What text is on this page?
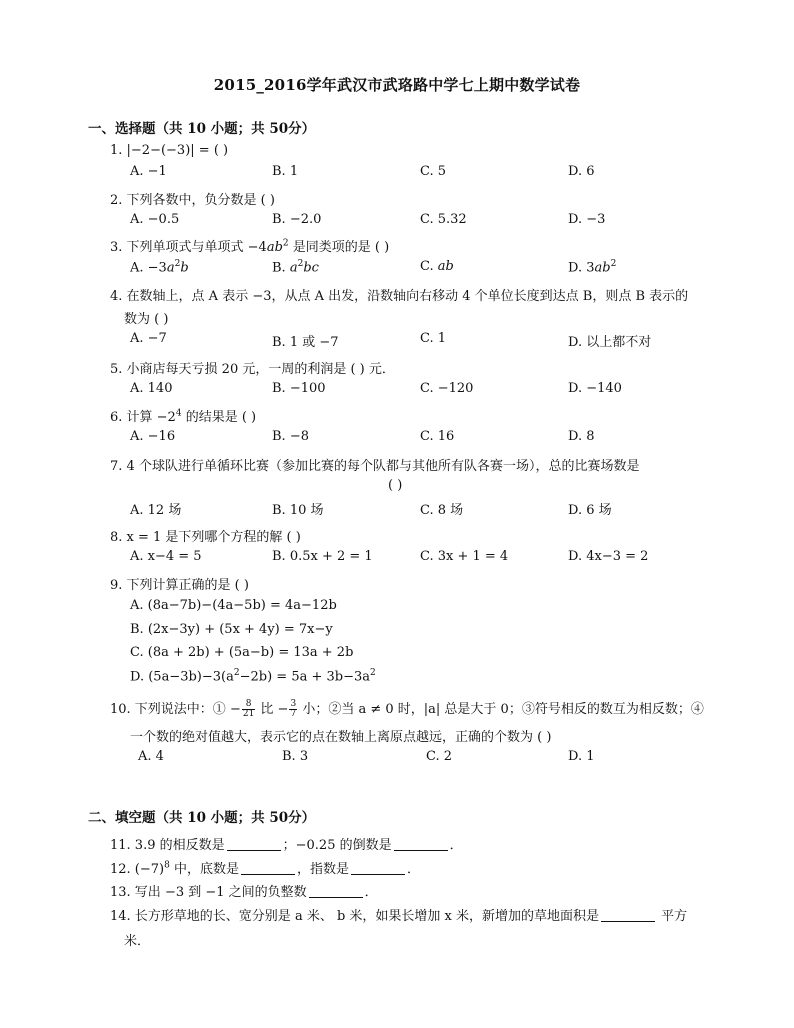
2015_2016学年武汉市武珞路中学七上期中数学试卷
一、选择题（共 10 小题；共 50分）
1. |−2−(−3)| = ( )
A. −1	B. 1	C. 5	D. 6
2. 下列各数中，负分数是 ( )
A. −0.5	B. −2.0	C. 5.32	D. −3
3. 下列单项式与单项式 $-4ab^2$ 是同类项的是 ( )
A. $-3a^2b$	B. $a^2bc$	C. ab	D. $3ab^2$
4. 在数轴上，点 A 表示 −3，从点 A 出发，沿数轴向右移动 4 个单位长度到达点 B，则点 B 表示的
数为 ( )
A. −7	B. 1 或 −7	C. 1	D. 以上都不对
5. 小商店每天亏损 20 元，一周的利润是 ( ) 元．
A. 140	B. −100	C. −120	D. −140
6. 计算 $-2^4$ 的结果是 ( )
A. −16	B. −8	C. 16	D. 8
7. 4 个球队进行单循环比赛（参加比赛的每个队都与其他所有队各赛一场），总的比赛场数是
( )
A. 12 场	B. 10 场	C. 8 场	D. 6 场
8. x = 1 是下列哪个方程的解 ( )
A. x−4 = 5	B. 0.5x + 2 = 1	C. 3x + 1 = 4	D. 4x−3 = 2
9. 下列计算正确的是 ( )
A. (8a−7b)−(4a−5b) = 4a−12b
B. (2x−3y) + (5x + 4y) = 7x−y
C. (8a + 2b) + (5a−b) = 13a + 2b
D. $(5a-3b)-3(a^2-2b) = 5a + 3b-3a^2$
10. 下列说法中：① − $\frac{8}{21}$ 比 − $\frac{3}{7}$ 小；②当 a ≠ 0 时，|a| 总是大于 0；③符号相反的数互为相反数；④
一个数的绝对值越大，表示它的点在数轴上离原点越远，正确的个数为 ( )
A. 4	B. 3	C. 2	D. 1
二、填空题（共 10 小题；共 50分）
11. 3.9 的相反数是	；−0.25 的倒数是	．
12. $(-7)^8$ 中，底数是	，指数是	．
13. 写出 −3 到 −1 之间的负整数	．
14. 长方形草地的长、宽分别是 a 米、 b 米，如果长增加 x 米，新增加的草地面积是	平方
米．
